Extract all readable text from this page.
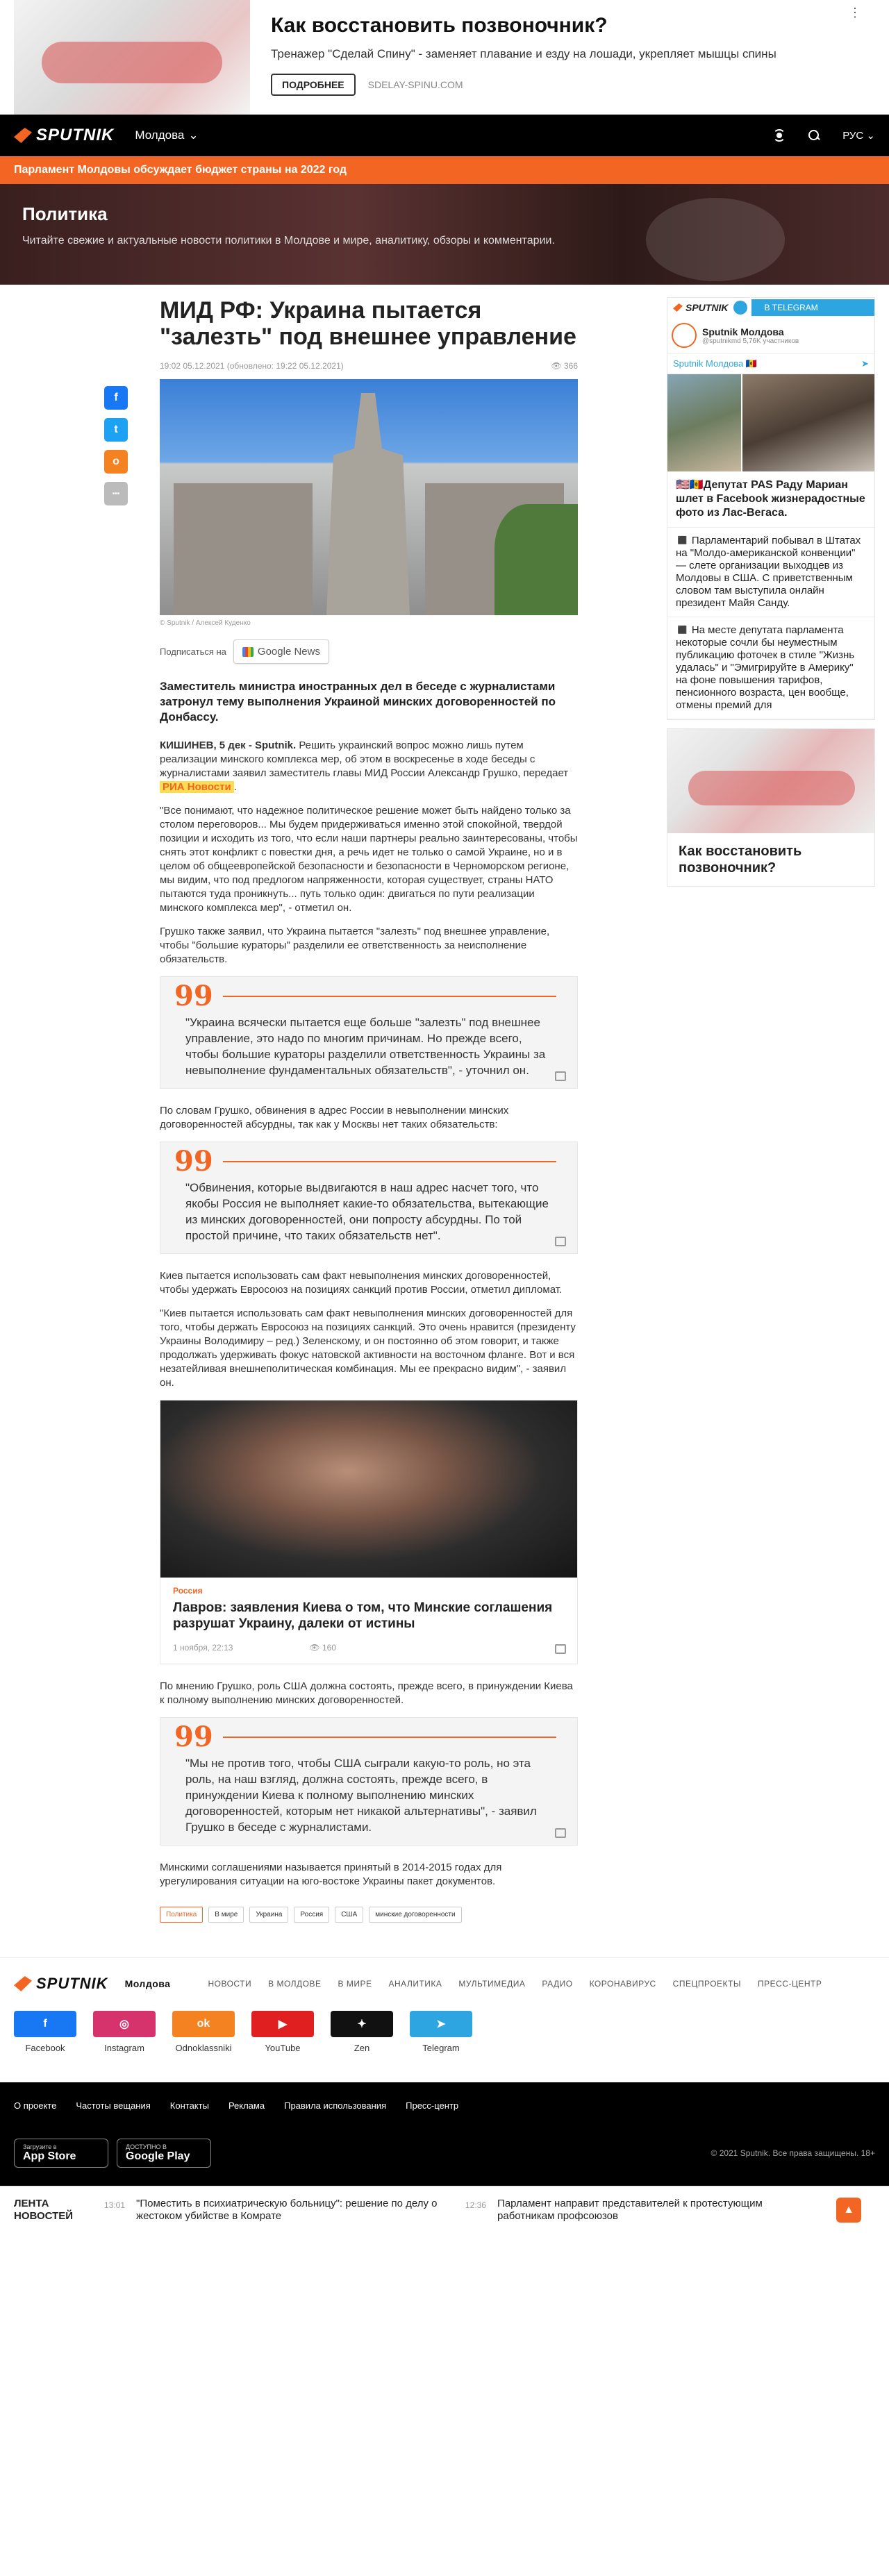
Как восстановить позвоночник?
Тренажер "Сделай Спину" - заменяет плавание и езду на лошади, укрепляет мышцы спины
ПОДРОБНЕЕ	SDELAY-SPINU.COM
⋮
SPUTNIK Молдова ⌄	РУС ⌄
Парламент Молдовы обсуждает бюджет страны на 2022 год
Политика

Читайте свежие и актуальные новости политики в Молдове и мире, аналитику, обзоры и комментарии.

f
t
o
•••
МИД РФ: Украина пытается "залезть" под внешнее управление
19:02 05.12.2021 (обновлено: 19:22 05.12.2021)	👁 366
© Sputnik / Алексей Куденко
Подписаться на	Google News
Заместитель министра иностранных дел в беседе с журналистами затронул тему выполнения Украиной минских договоренностей по Донбассу.

КИШИНЕВ, 5 дек - Sputnik. Решить украинский вопрос можно лишь путем реализации минского комплекса мер, об этом в воскресенье в ходе беседы с журналистами заявил заместитель главы МИД России Александр Грушко, передает РИА Новости .

"Все понимают, что надежное политическое решение может быть найдено только за столом переговоров... Мы будем придерживаться именно этой спокойной, твердой позиции и исходить из того, что если наши партнеры реально заинтересованы, чтобы снять этот конфликт с повестки дня, а речь идет не только о самой Украине, но и в целом об общеевропейской безопасности и безопасности в Черноморском регионе, мы видим, что под предлогом напряженности, которая существует, страны НАТО пытаются туда проникнуть... путь только один: двигаться по пути реализации минского комплекса мер", - отметил он.

Грушко также заявил, что Украина пытается "залезть" под внешнее управление, чтобы "большие кураторы" разделили ее ответственность за неисполнение обязательств.

99
"Украина всячески пытается еще больше "залезть" под внешнее управление, это надо по многим причинам. Но прежде всего, чтобы большие кураторы разделили ответственность Украины за невыполнение фундаментальных обязательств", - уточнил он.

По словам Грушко, обвинения в адрес России в невыполнении минских договоренностей абсурдны, так как у Москвы нет таких обязательств:

99
"Обвинения, которые выдвигаются в наш адрес насчет того, что якобы Россия не выполняет какие-то обязательства, вытекающие из минских договоренностей, они попросту абсурдны. По той простой причине, что таких обязательств нет".

Киев пытается использовать сам факт невыполнения минских договоренностей, чтобы удержать Евросоюз на позициях санкций против России, отметил дипломат.

"Киев пытается использовать сам факт невыполнения минских договоренностей для того, чтобы держать Евросоюз на позициях санкций. Это очень нравится (президенту Украины Володимиру – ред.) Зеленскому, и он постоянно об этом говорит, и также продолжать удерживать фокус натовской активности на восточном фланге. Вот и вся незатейливая внешнеполитическая комбинация. Мы ее прекрасно видим", - заявил он.

Россия
Лавров: заявления Киева о том, что Минские соглашения разрушат Украину, далеки от истины
1 ноября, 22:13	👁 160

По мнению Грушко, роль США должна состоять, прежде всего, в принуждении Киева к полному выполнению минских договоренностей.

99
"Мы не против того, чтобы США сыграли какую-то роль, но эта роль, на наш взгляд, должна состоять, прежде всего, в принуждении Киева к полному выполнению минских договоренностей, которым нет никакой альтернативы", - заявил Грушко в беседе с журналистами.

Минскими соглашениями называется принятый в 2014-2015 годах для урегулирования ситуации на юго-востоке Украины пакет документов.

Политика	В мире	Украина	Россия	США	минские договоренности
SPUTNIK	В TELEGRAM
Sputnik Молдова
@sputnikmd 5,76K участников
Sputnik Молдова 🇲🇩	➤
🇺🇸🇲🇩Депутат PAS Раду Мариан шлет в Facebook жизнерадостные фото из Лас-Вегаса.
◼️ Парламентарий побывал в Штатах на "Молдо-американской конвенции" — слете организации выходцев из Молдовы в США. С приветственным словом там выступила онлайн президент Майя Санду.
◼️ На месте депутата парламента некоторые сочли бы неуместным публикацию фоточек в стиле "Жизнь удалась" и "Эмигрируйте в Америку" на фоне повышения тарифов, пенсионного возраста, цен вообще, отмены премий для
Как восстановить позвоночник?
SPUTNIK Молдова	НОВОСТИ В МОЛДОВЕ В МИРЕ АНАЛИТИКА МУЛЬТИМЕДИА РАДИО КОРОНАВИРУС СПЕЦПРОЕКТЫ ПРЕСС-ЦЕНТР
f
Facebook
◎
Instagram
ok
Odnoklassniki
▶
YouTube
✦
Zen
➤
Telegram
О проекте Частоты вещания Контакты Реклама Правила использования Пресс-центр
Загрузите в
App Store
ДОСТУПНО В
Google Play	© 2021 Sputnik. Все права защищены. 18+
ЛЕНТА НОВОСТЕЙ
13:01 "Поместить в психиатрическую больницу": решение по делу о жестоком убийстве в Комрате
12:36 Парламент направит представителей к протестующим работникам профсоюзов	▲
